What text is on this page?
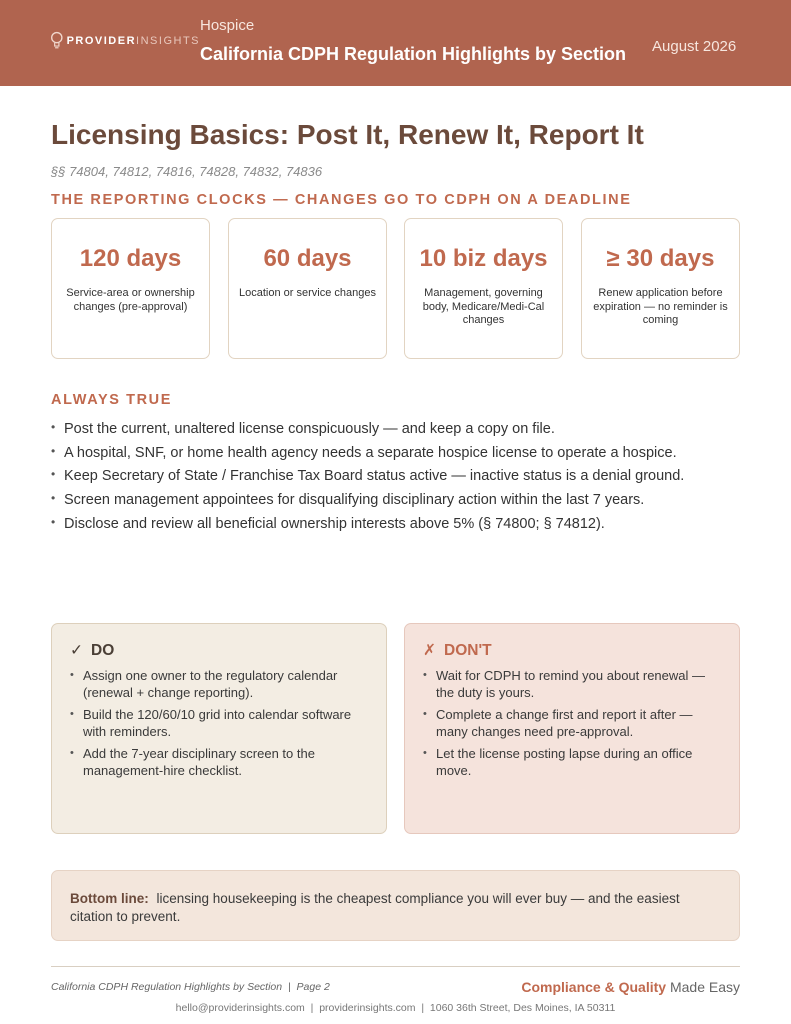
PROVIDERINSIGHTS
Hospice
California CDPH Regulation Highlights by Section August 2026
Licensing Basics: Post It, Renew It, Report It
§§ 74804, 74812, 74816, 74828, 74832, 74836
THE REPORTING CLOCKS — CHANGES GO TO CDPH ON A DEADLINE
120 days
Service-area or ownership changes (pre-approval)
60 days
Location or service changes
10 biz days
Management, governing body, Medicare/Medi-Cal changes
≥ 30 days
Renew application before expiration — no reminder is coming
ALWAYS TRUE
• Post the current, unaltered license conspicuously — and keep a copy on file.
• A hospital, SNF, or home health agency needs a separate hospice license to operate a hospice.
• Keep Secretary of State / Franchise Tax Board status active — inactive status is a denial ground.
• Screen management appointees for disqualifying disciplinary action within the last 7 years.
• Disclose and review all beneficial ownership interests above 5% (§ 74800; § 74812).
✓ DO
• Assign one owner to the regulatory calendar (renewal + change reporting).
• Build the 120/60/10 grid into calendar software with reminders.
• Add the 7-year disciplinary screen to the management-hire checklist.
✗ DON'T
• Wait for CDPH to remind you about renewal — the duty is yours.
• Complete a change first and report it after — many changes need pre-approval.
• Let the license posting lapse during an office move.
Bottom line: licensing housekeeping is the cheapest compliance you will ever buy — and the easiest citation to prevent.
California CDPH Regulation Highlights by Section  |  Page 2	Compliance & Quality Made Easy
hello@providerinsights.com  |  providerinsights.com  |  1060 36th Street, Des Moines, IA 50311
